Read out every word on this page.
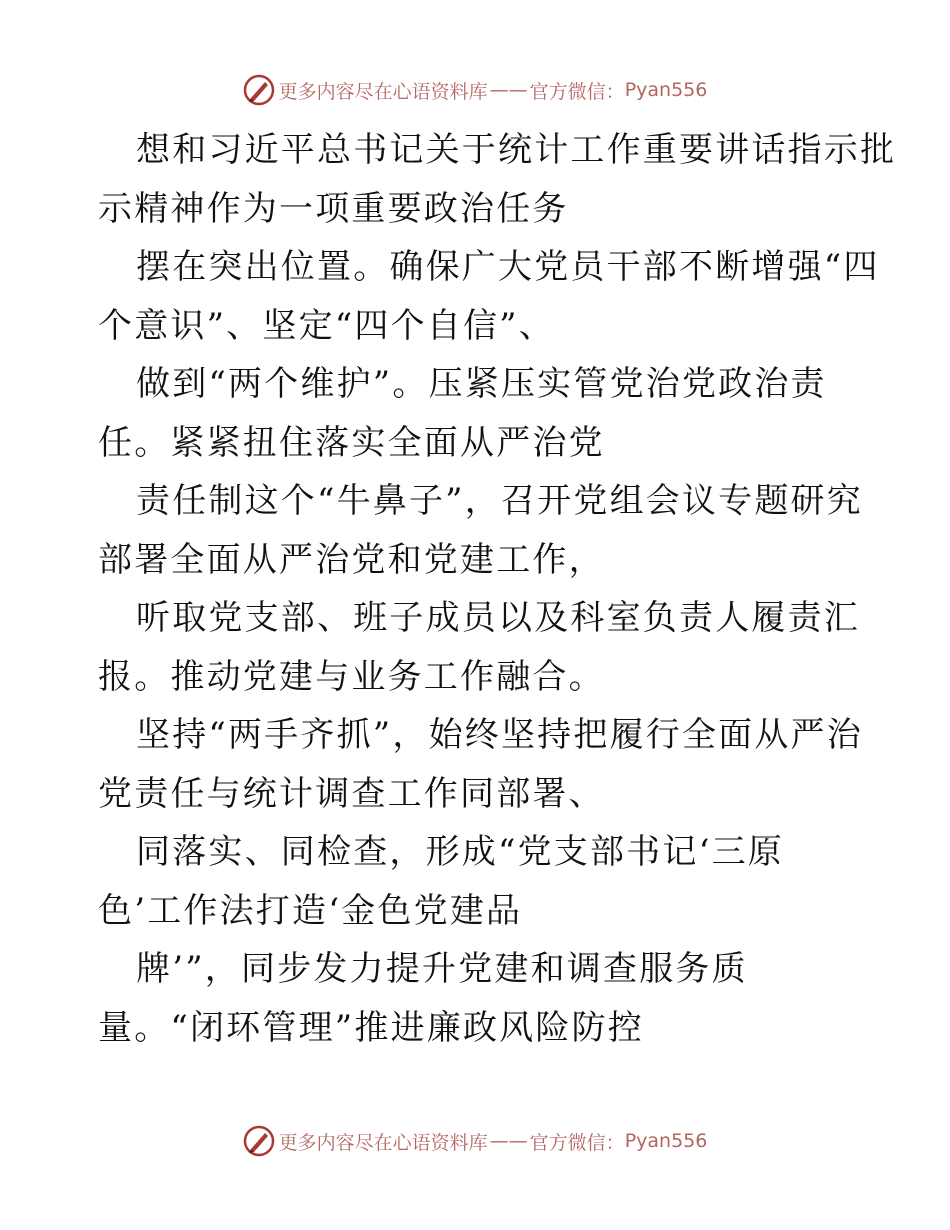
更多内容尽在心语资料库 —— 官方微信： Pyan556
想和习近平总书记关于统计工作重要讲话指示批
示精神作为一项重要政治任务
摆在突出位置。确保广大党员干部不断增强“四
个意识”、坚定“四个自信”、
做到“两个维护”。压紧压实管党治党政治责
任。紧紧扭住落实全面从严治党
责任制这个“牛鼻子”，召开党组会议专题研究
部署全面从严治党和党建工作，
听取党支部、班子成员以及科室负责人履责汇
报。推动党建与业务工作融合。
坚持“两手齐抓”，始终坚持把履行全面从严治
党责任与统计调查工作同部署、
同落实、同检查，形成“党支部书记‘三原
色’工作法打造‘金色党建品
牌’”，同步发力提升党建和调查服务质
量。“闭环管理”推进廉政风险防控
更多内容尽在心语资料库 —— 官方微信： Pyan556
